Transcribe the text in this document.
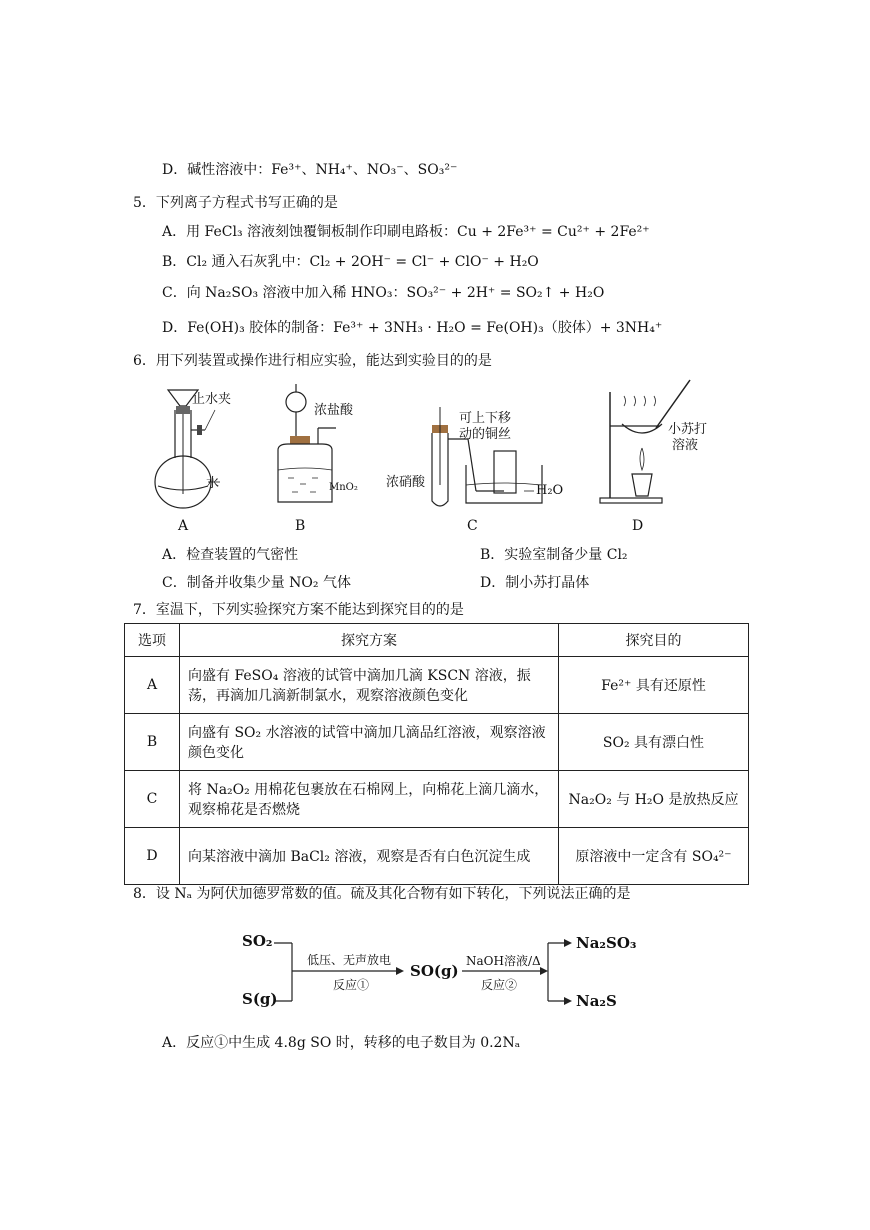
D．碱性溶液中：Fe³⁺、NH₄⁺、NO₃⁻、SO₃²⁻
5．下列离子方程式书写正确的是
A．用 FeCl₃ 溶液刻蚀覆铜板制作印刷电路板：Cu + 2Fe³⁺ = Cu²⁺ + 2Fe²⁺
B．Cl₂ 通入石灰乳中：Cl₂ + 2OH⁻ = Cl⁻ + ClO⁻ + H₂O
C．向 Na₂SO₃ 溶液中加入稀 HNO₃：SO₃²⁻ + 2H⁺ = SO₂↑ + H₂O
D．Fe(OH)₃ 胶体的制备：Fe³⁺ + 3NH₃ · H₂O = Fe(OH)₃（胶体）+ 3NH₄⁺
6．用下列装置或操作进行相应实验，能达到实验目的的是
止水夹
水
A
浓盐酸
MnO₂
B
可上下移
动的铜丝
浓硝酸
H₂O
C
小苏打
溶液
D
A．检查装置的气密性	B．实验室制备少量 Cl₂
C．制备并收集少量 NO₂ 气体	D．制小苏打晶体
7．室温下，下列实验探究方案不能达到探究目的的是
选项	探究方案	探究目的
A	向盛有 FeSO₄ 溶液的试管中滴加几滴 KSCN 溶液，振荡，再滴加几滴新制氯水，观察溶液颜色变化	Fe²⁺ 具有还原性
B	向盛有 SO₂ 水溶液的试管中滴加几滴品红溶液，观察溶液颜色变化	SO₂ 具有漂白性
C	将 Na₂O₂ 用棉花包裹放在石棉网上，向棉花上滴几滴水，观察棉花是否燃烧	Na₂O₂ 与 H₂O 是放热反应
D	向某溶液中滴加 BaCl₂ 溶液，观察是否有白色沉淀生成	原溶液中一定含有 SO₄²⁻
8．设 Nₐ 为阿伏加德罗常数的值。硫及其化合物有如下转化，下列说法正确的是
SO₂
S(g)
低压、无声放电
反应①
SO(g)
NaOH溶液/Δ
反应②
Na₂SO₃
Na₂S
A．反应①中生成 4.8g SO 时，转移的电子数目为 0.2Nₐ
